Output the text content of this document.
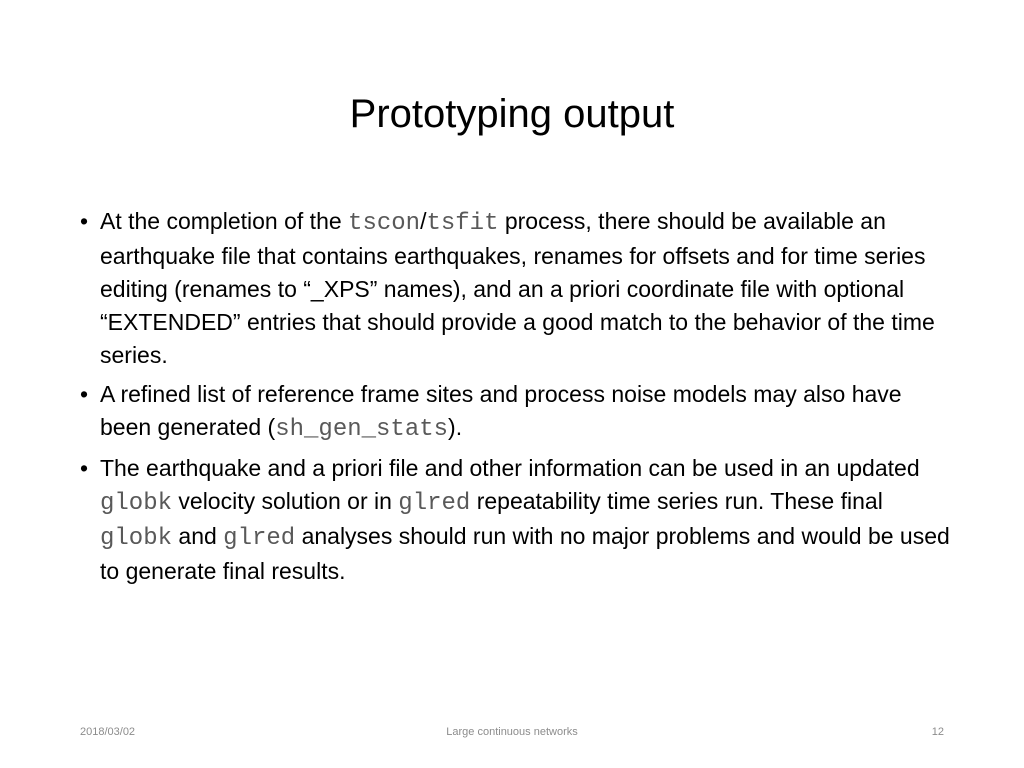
Prototyping output
• At the completion of the tscon/tsfit process, there should be available an earthquake file that contains earthquakes, renames for offsets and for time series editing (renames to “_XPS” names), and an a priori coordinate file with optional “EXTENDED” entries that should provide a good match to the behavior of the time series.
• A refined list of reference frame sites and process noise models may also have been generated (sh_gen_stats).
• The earthquake and a priori file and other information can be used in an updated globk velocity solution or in glred repeatability time series run. These final globk and glred analyses should run with no major problems and would be used to generate final results.
2018/03/02	Large continuous networks	12
